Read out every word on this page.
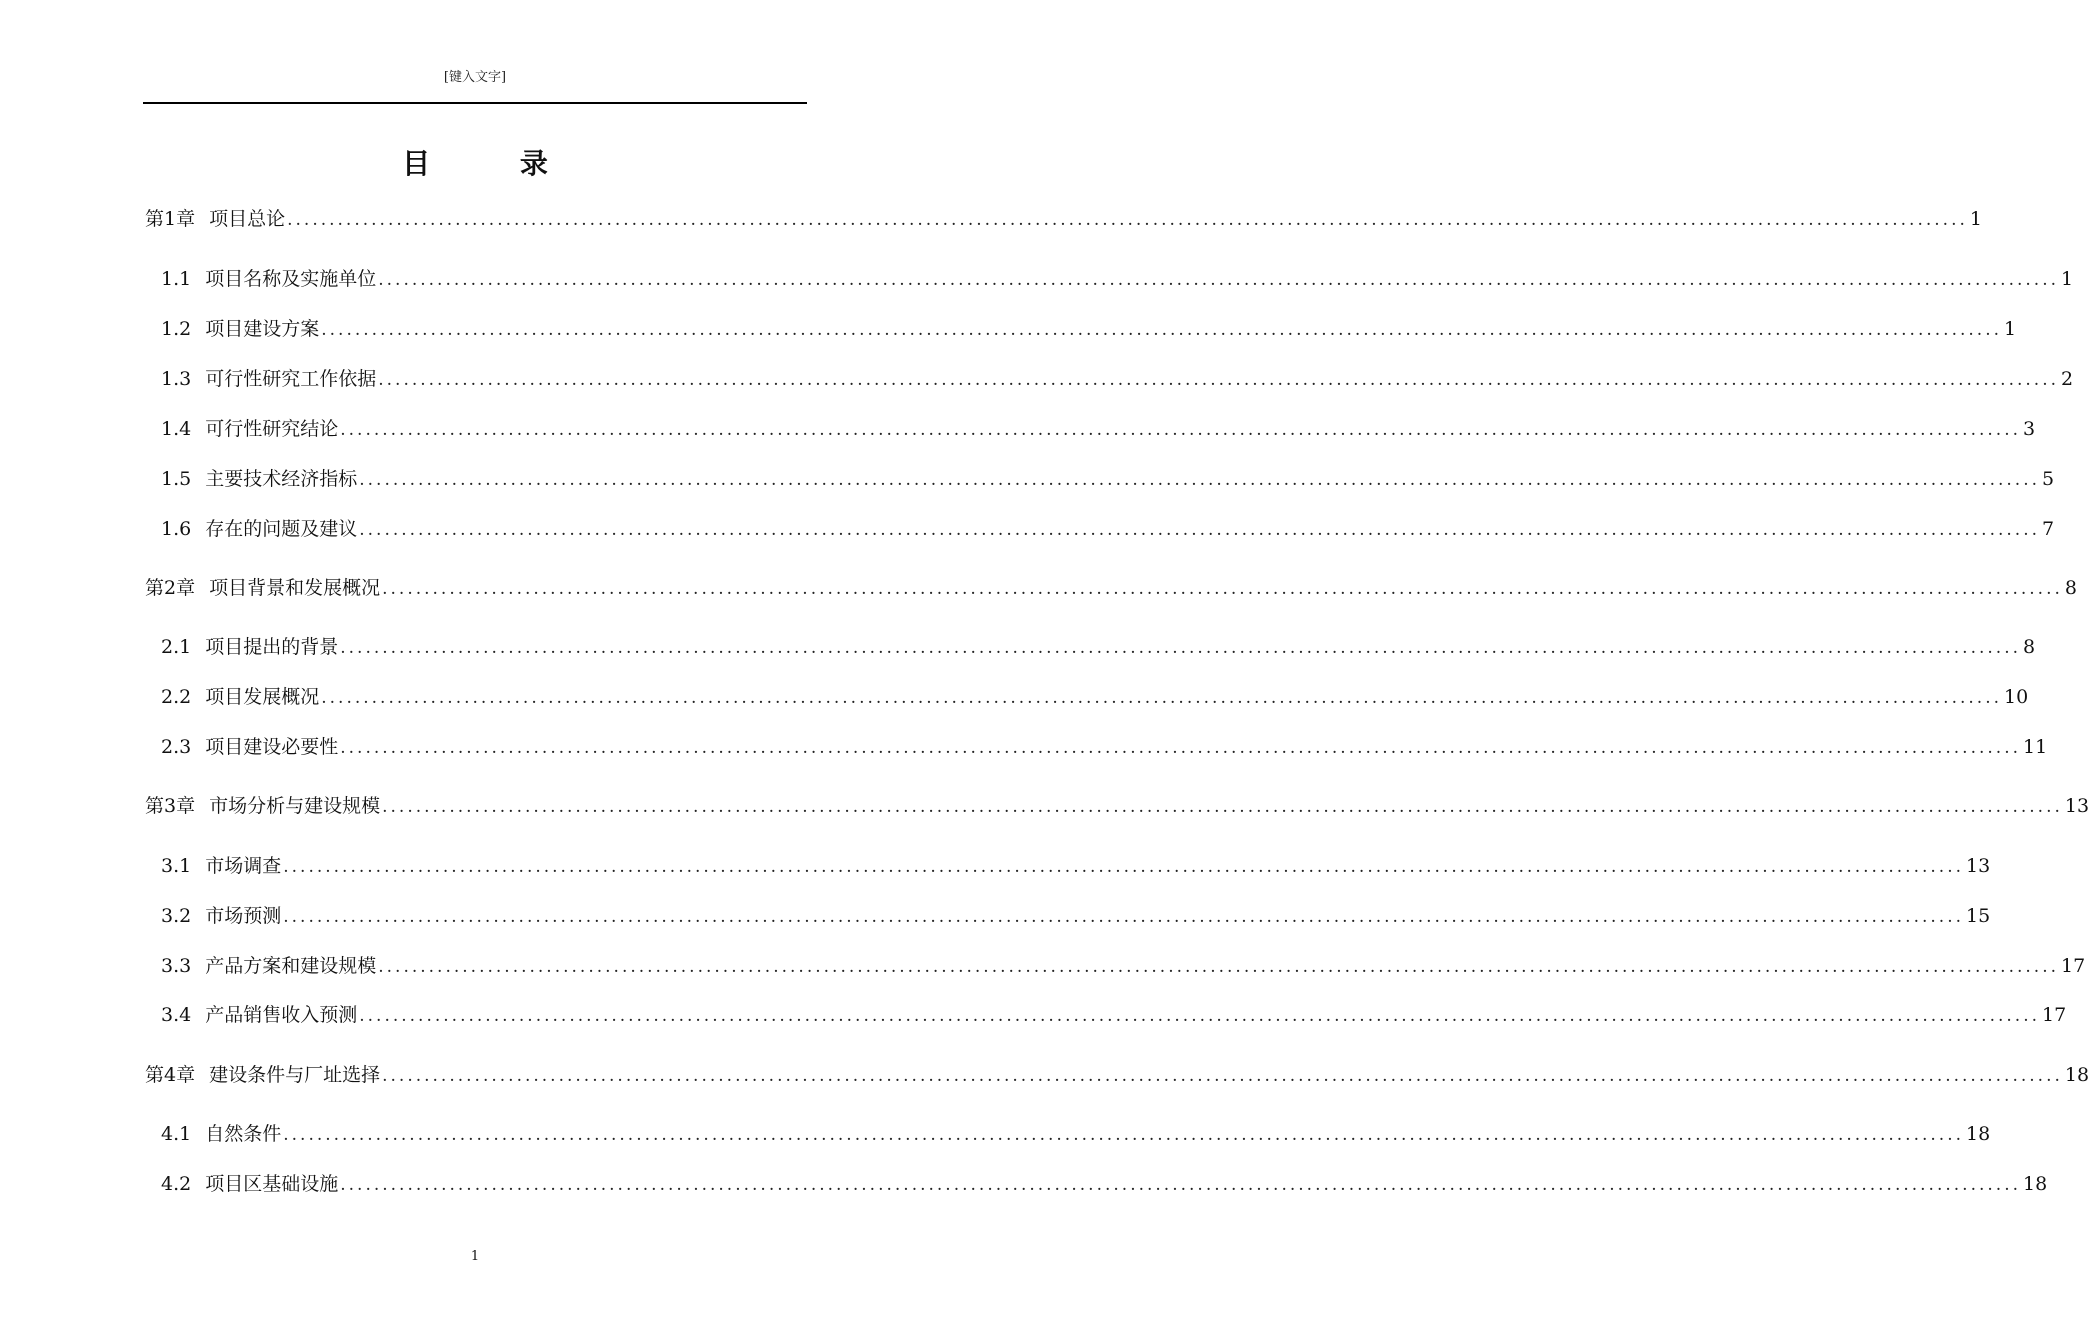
[键入文字]
目 录
第1章 项目总论 ........................................................................................................................................................................................................ 1
1.1 项目名称及实施单位 ........................................................................................................................................................................................................ 1
1.2 项目建设方案 ........................................................................................................................................................................................................ 1
1.3 可行性研究工作依据 ........................................................................................................................................................................................................ 2
1.4 可行性研究结论 ........................................................................................................................................................................................................ 3
1.5 主要技术经济指标 ........................................................................................................................................................................................................ 5
1.6 存在的问题及建议 ........................................................................................................................................................................................................ 7
第2章 项目背景和发展概况 ........................................................................................................................................................................................................ 8
2.1 项目提出的背景 ........................................................................................................................................................................................................ 8
2.2 项目发展概况 ........................................................................................................................................................................................................ 10
2.3 项目建设必要性 ........................................................................................................................................................................................................ 11
第3章 市场分析与建设规模 ........................................................................................................................................................................................................ 13
3.1 市场调查 ........................................................................................................................................................................................................ 13
3.2 市场预测 ........................................................................................................................................................................................................ 15
3.3 产品方案和建设规模 ........................................................................................................................................................................................................ 17
3.4 产品销售收入预测 ........................................................................................................................................................................................................ 17
第4章 建设条件与厂址选择 ........................................................................................................................................................................................................ 18
4.1 自然条件 ........................................................................................................................................................................................................ 18
4.2 项目区基础设施 ........................................................................................................................................................................................................ 18
1
